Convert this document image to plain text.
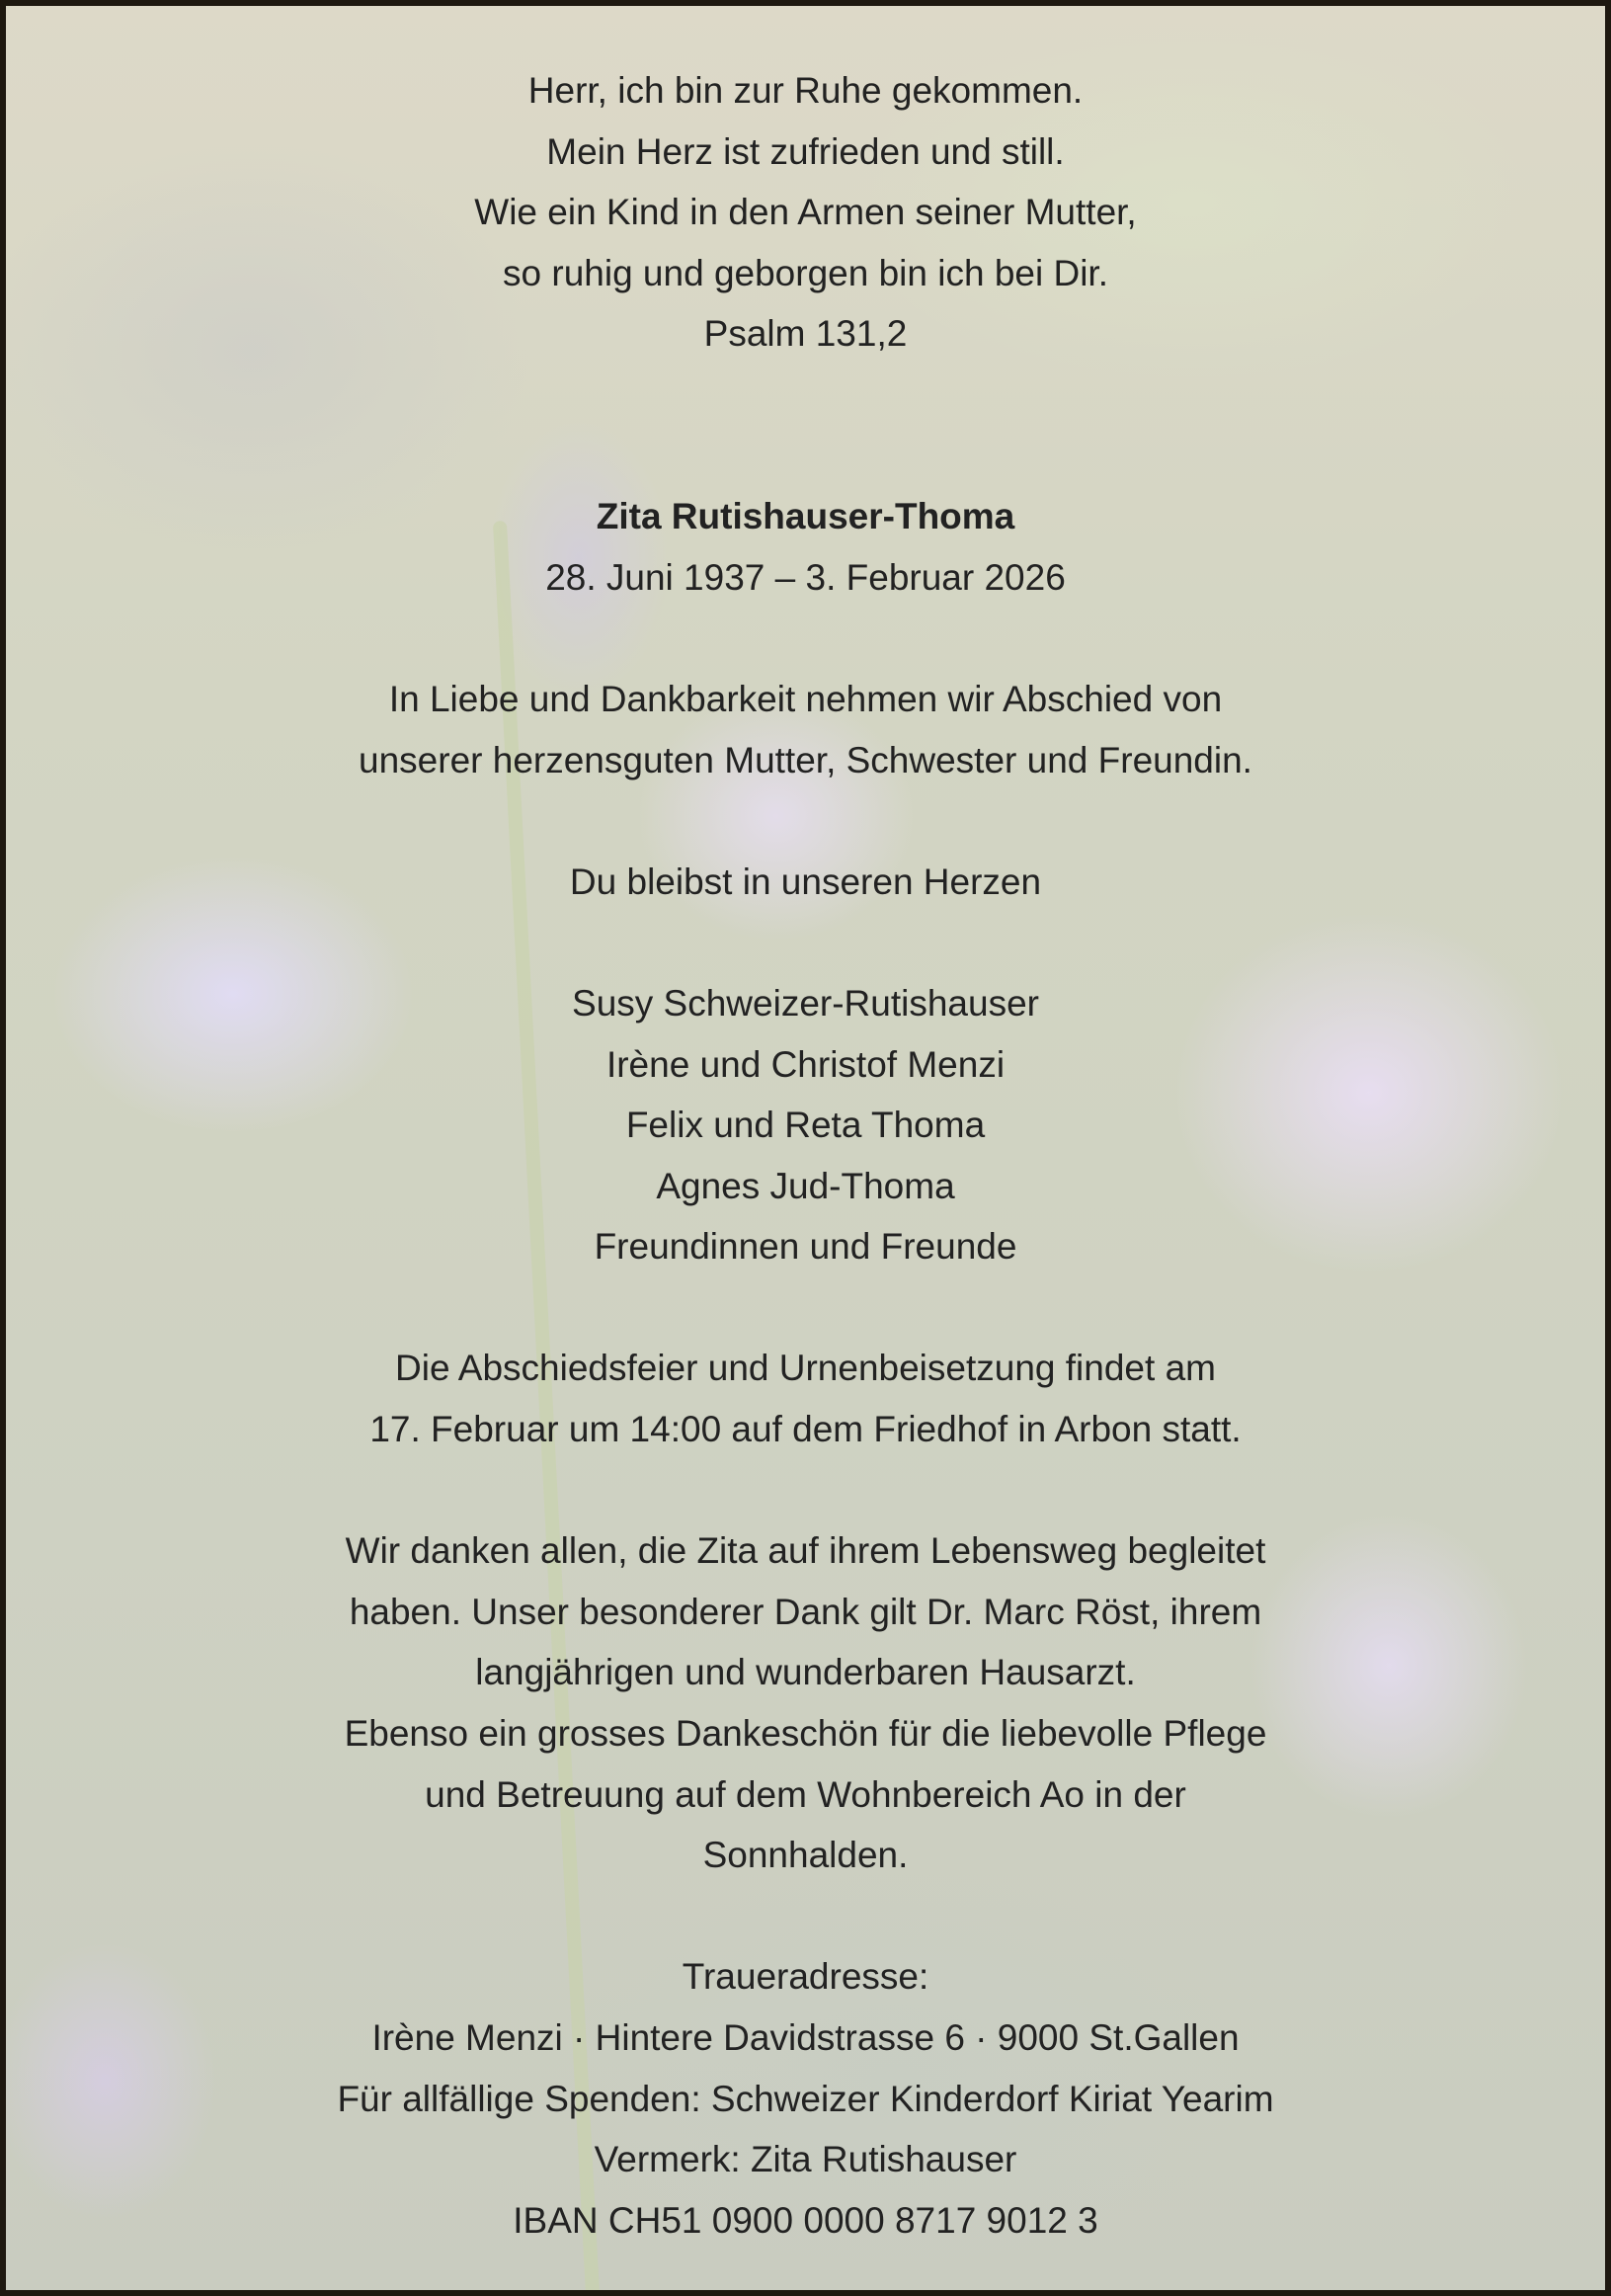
Herr, ich bin zur Ruhe gekommen.
Mein Herz ist zufrieden und still.
Wie ein Kind in den Armen seiner Mutter,
so ruhig und geborgen bin ich bei Dir.
Psalm 131,2
Zita Rutishauser-Thoma
28. Juni 1937 – 3. Februar 2026
In Liebe und Dankbarkeit nehmen wir Abschied von
unserer herzensguten Mutter, Schwester und Freundin.
Du bleibst in unseren Herzen
Susy Schweizer-Rutishauser
Irène und Christof Menzi
Felix und Reta Thoma
Agnes Jud-Thoma
Freundinnen und Freunde
Die Abschiedsfeier und Urnenbeisetzung findet am
17. Februar um 14:00 auf dem Friedhof in Arbon statt.
Wir danken allen, die Zita auf ihrem Lebensweg begleitet
haben. Unser besonderer Dank gilt Dr. Marc Röst, ihrem
langjährigen und wunderbaren Hausarzt.
Ebenso ein grosses Dankeschön für die liebevolle Pflege
und Betreuung auf dem Wohnbereich Ao in der
Sonnhalden.
Traueradresse:
Irène Menzi · Hintere Davidstrasse 6 · 9000 St.Gallen
Für allfällige Spenden: Schweizer Kinderdorf Kiriat Yearim
Vermerk: Zita Rutishauser
IBAN CH51 0900 0000 8717 9012 3
